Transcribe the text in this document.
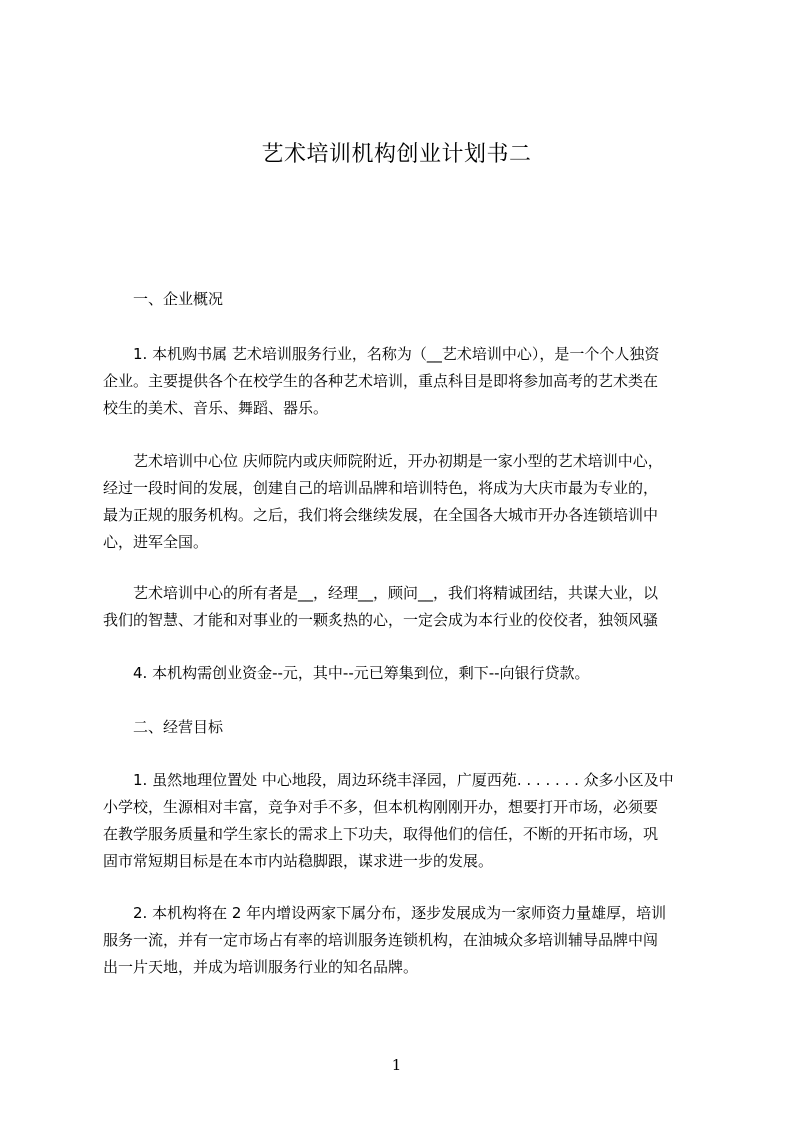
艺术培训机构创业计划书二
　　一、企业概况
　　1. 本机购书属 艺术培训服务行业，名称为（__艺术培训中心），是一个个人独资
企业。主要提供各个在校学生的各种艺术培训，重点科目是即将参加高考的艺术类在
校生的美术、音乐、舞蹈、器乐。
　　艺术培训中心位 庆师院内或庆师院附近，开办初期是一家小型的艺术培训中心，
经过一段时间的发展，创建自己的培训品牌和培训特色，将成为大庆市最为专业的，
最为正规的服务机构。之后，我们将会继续发展，在全国各大城市开办各连锁培训中
心，进军全国。
　　艺术培训中心的所有者是__，经理__，顾问__，我们将精诚团结，共谋大业，以
我们的智慧、才能和对事业的一颗炙热的心，一定会成为本行业的佼佼者，独领风骚
　　4. 本机构需创业资金--元，其中--元已筹集到位，剩下--向银行贷款。
　　二、经营目标
　　1. 虽然地理位置处 中心地段，周边环绕丰泽园，广厦西苑. . . . . . . 众多小区及中
小学校，生源相对丰富，竞争对手不多，但本机构刚刚开办，想要打开市场，必须要
在教学服务质量和学生家长的需求上下功夫，取得他们的信任，不断的开拓市场，巩
固市常短期目标是在本市内站稳脚跟，谋求进一步的发展。
　　2. 本机构将在 2 年内增设两家下属分布，逐步发展成为一家师资力量雄厚，培训
服务一流，并有一定市场占有率的培训服务连锁机构，在油城众多培训辅导品牌中闯
出一片天地，并成为培训服务行业的知名品牌。
1
